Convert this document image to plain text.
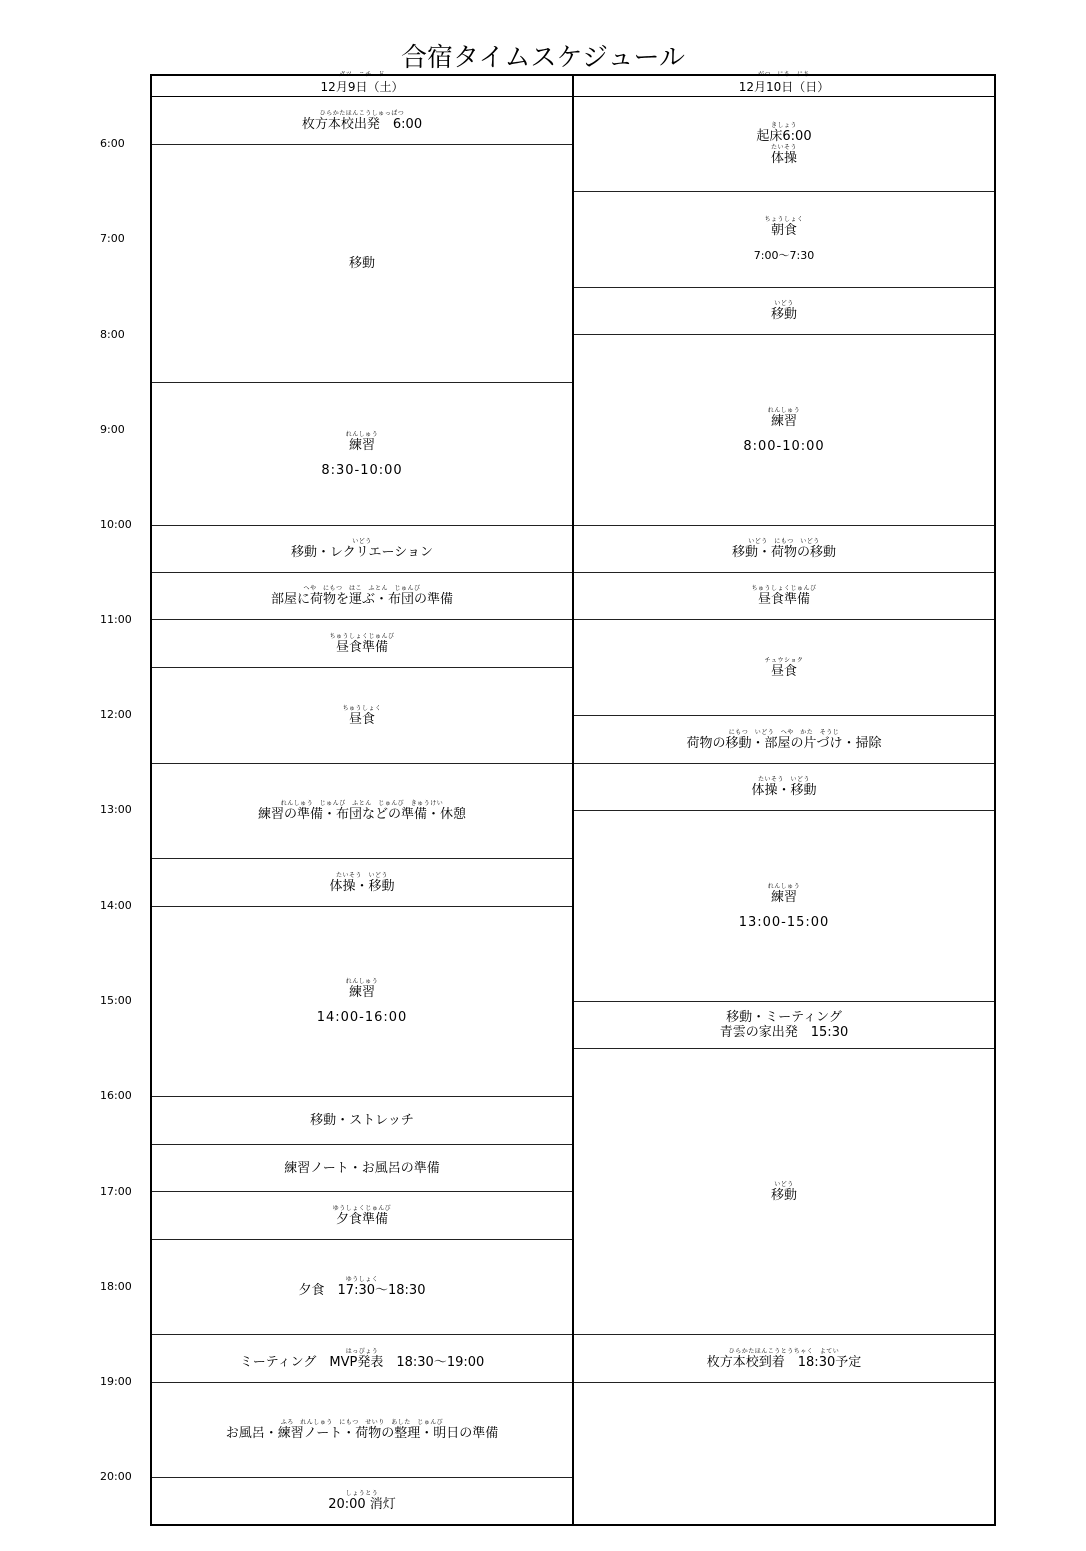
合宿タイムスケジュール
ガツ　ニチ　ド
12月9日（土）
がつ　にち　にち
12月10日（日）
6:00
7:00
8:00
9:00
10:00
11:00
12:00
13:00
14:00
15:00
16:00
17:00
18:00
19:00
20:00
ひらかたほんこうしゅっぱつ
枚方本校出発　6:00
移動
れんしゅう
練習
8:30-10:00
いどう
移動・レクリエーション
へや　にもつ　はこ　ふとん　じゅんび
部屋に荷物を運ぶ・布団の準備
ちゅうしょくじゅんび
昼食準備
ちゅうしょく
昼食
れんしゅう　じゅんび　ふとん　じゅんび　きゅうけい
練習の準備・布団などの準備・休憩
たいそう　いどう
体操・移動
れんしゅう
練習
14:00-16:00
移動・ストレッチ
練習ノート・お風呂の準備
ゆうしょくじゅんび
夕食準備
ゆうしょく
夕食　17:30～18:30
はっぴょう
ミーティング　MVP発表　18:30～19:00
ふろ　れんしゅう　にもつ　せいり　あした　じゅんび
お風呂・練習ノート・荷物の整理・明日の準備
しょうとう
20:00 消灯
きしょう
起床6:00
たいそう
体操
ちょうしょく
朝食
7:00～7:30
いどう
移動
れんしゅう
練習
8:00-10:00
いどう　にもつ　いどう
移動・荷物の移動
ちゅうしょくじゅんび
昼食準備
チュウショク
昼食
にもつ　いどう　へや　かた　そうじ
荷物の移動・部屋の片づけ・掃除
たいそう　いどう
体操・移動
れんしゅう
練習
13:00-15:00
移動・ミーティング
青雲の家出発　15:30
いどう
移動
ひらかたほんこうとうちゃく　よてい
枚方本校到着　18:30予定
